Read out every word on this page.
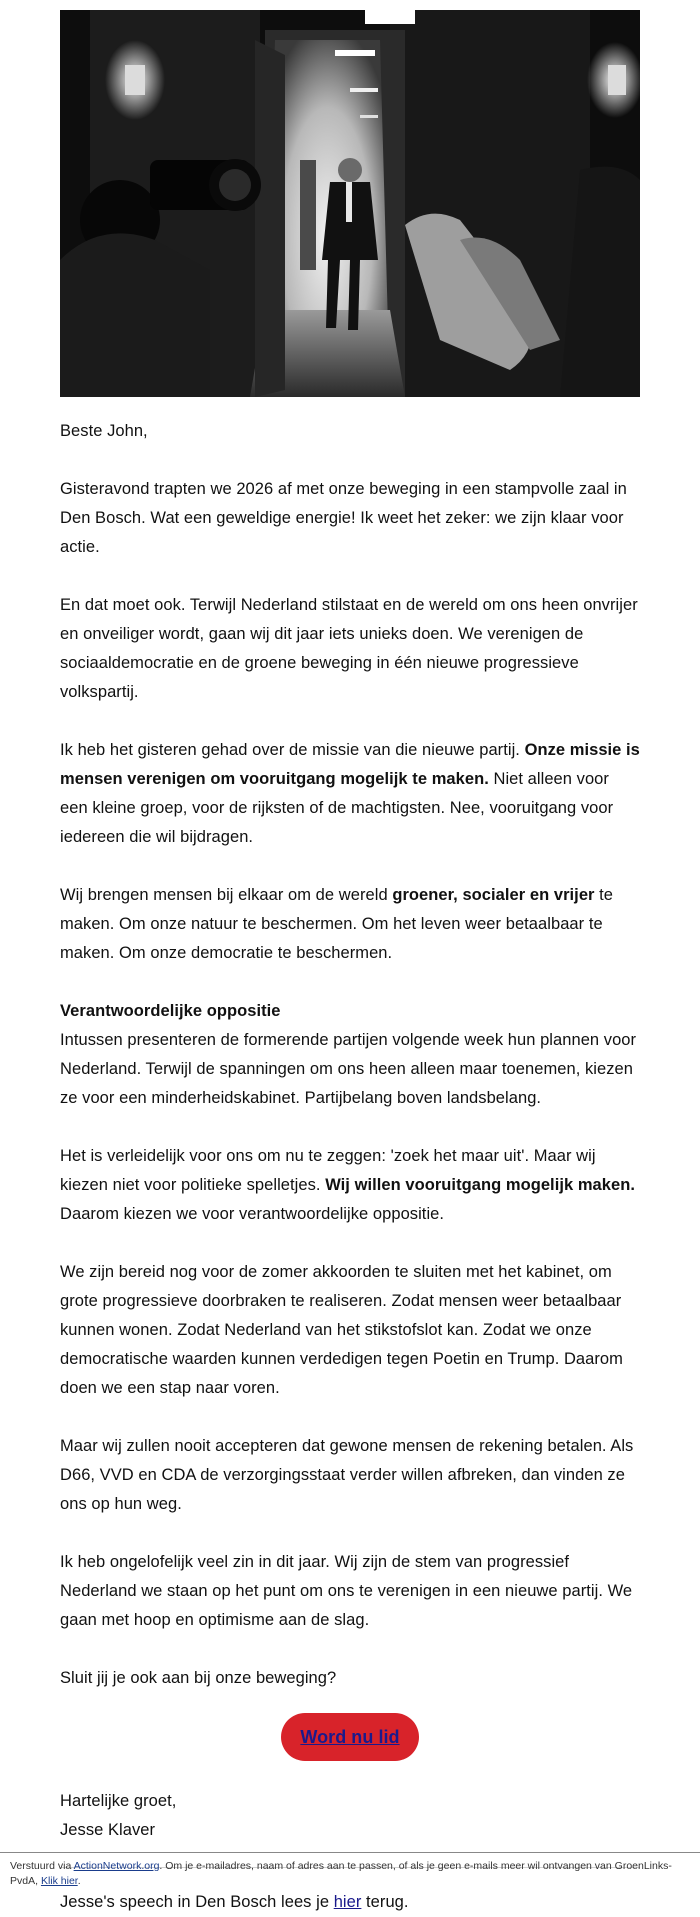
Beste John,

Gisteravond trapten we 2026 af met onze beweging in een stampvolle zaal in Den Bosch. Wat een geweldige energie! Ik weet het zeker: we zijn klaar voor actie.

En dat moet ook. Terwijl Nederland stilstaat en de wereld om ons heen onvrijer en onveiliger wordt, gaan wij dit jaar iets unieks doen. We verenigen de sociaaldemocratie en de groene beweging in één nieuwe progressieve volkspartij.

Ik heb het gisteren gehad over de missie van die nieuwe partij. Onze missie is mensen verenigen om vooruitgang mogelijk te maken. Niet alleen voor een kleine groep, voor de rijksten of de machtigsten. Nee, vooruitgang voor iedereen die wil bijdragen.

Wij brengen mensen bij elkaar om de wereld groener, socialer en vrijer te maken. Om onze natuur te beschermen. Om het leven weer betaalbaar te maken. Om onze democratie te beschermen.

Verantwoordelijke oppositie

Intussen presenteren de formerende partijen volgende week hun plannen voor Nederland. Terwijl de spanningen om ons heen alleen maar toenemen, kiezen ze voor een minderheidskabinet. Partijbelang boven landsbelang.

Het is verleidelijk voor ons om nu te zeggen: 'zoek het maar uit'. Maar wij kiezen niet voor politieke spelletjes. Wij willen vooruitgang mogelijk maken. Daarom kiezen we voor verantwoordelijke oppositie.

We zijn bereid nog voor de zomer akkoorden te sluiten met het kabinet, om grote progressieve doorbraken te realiseren. Zodat mensen weer betaalbaar kunnen wonen. Zodat Nederland van het stikstofslot kan. Zodat we onze democratische waarden kunnen verdedigen tegen Poetin en Trump. Daarom doen we een stap naar voren.

Maar wij zullen nooit accepteren dat gewone mensen de rekening betalen. Als D66, VVD en CDA de verzorgingsstaat verder willen afbreken, dan vinden ze ons op hun weg.

Ik heb ongelofelijk veel zin in dit jaar. Wij zijn de stem van progressief Nederland we staan op het punt om ons te verenigen in een nieuwe partij. We gaan met hoop en optimisme aan de slag.

Sluit jij je ook aan bij onze beweging?

Word nu lid

Hartelijke groet,

Jesse Klaver

Jesse's speech in Den Bosch lees je hier terug.

Verstuurd via ActionNetwork.org. Om je e-mailadres, naam of adres aan te passen, of als je geen e-mails meer wil ontvangen van GroenLinks-PvdA, Klik hier.
